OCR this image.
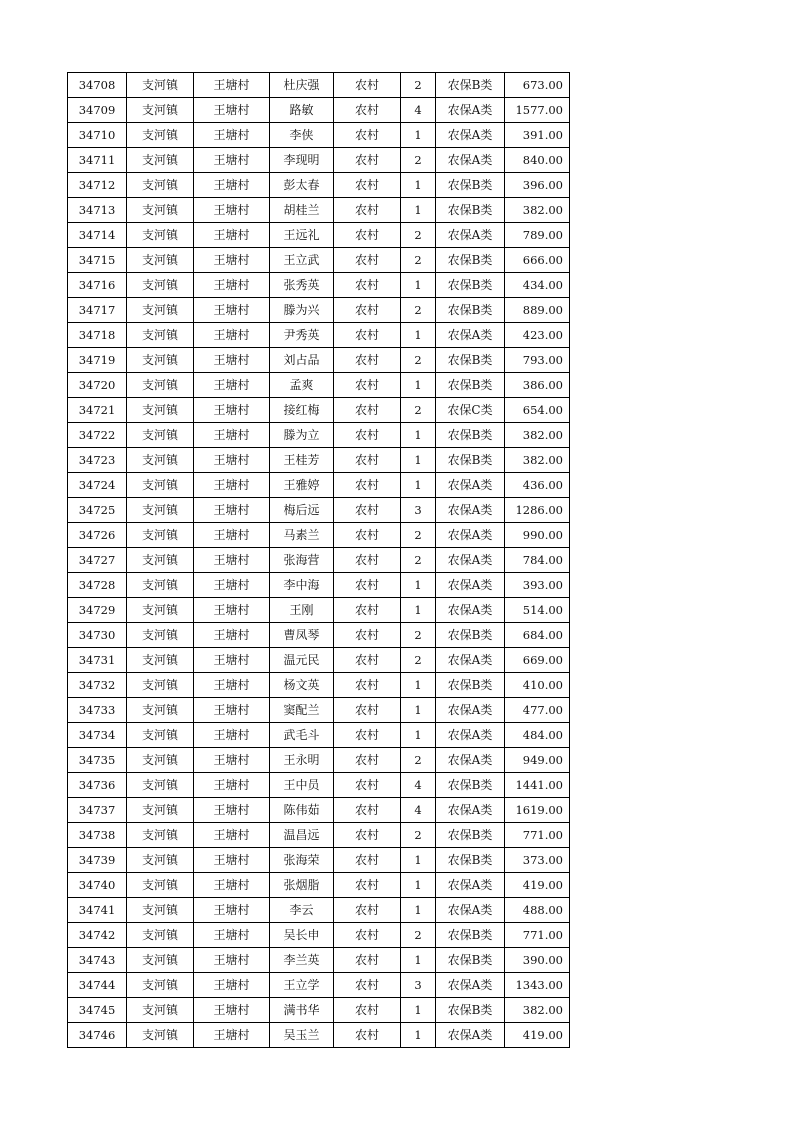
34708	支河镇	王塘村	杜庆强	农村	2	农保B类	673.00
34709	支河镇	王塘村	路敏	农村	4	农保A类	1577.00
34710	支河镇	王塘村	李侠	农村	1	农保A类	391.00
34711	支河镇	王塘村	李现明	农村	2	农保A类	840.00
34712	支河镇	王塘村	彭太春	农村	1	农保B类	396.00
34713	支河镇	王塘村	胡桂兰	农村	1	农保B类	382.00
34714	支河镇	王塘村	王远礼	农村	2	农保A类	789.00
34715	支河镇	王塘村	王立武	农村	2	农保B类	666.00
34716	支河镇	王塘村	张秀英	农村	1	农保B类	434.00
34717	支河镇	王塘村	滕为兴	农村	2	农保B类	889.00
34718	支河镇	王塘村	尹秀英	农村	1	农保A类	423.00
34719	支河镇	王塘村	刘占品	农村	2	农保B类	793.00
34720	支河镇	王塘村	孟爽	农村	1	农保B类	386.00
34721	支河镇	王塘村	接红梅	农村	2	农保C类	654.00
34722	支河镇	王塘村	滕为立	农村	1	农保B类	382.00
34723	支河镇	王塘村	王桂芳	农村	1	农保B类	382.00
34724	支河镇	王塘村	王雅婷	农村	1	农保A类	436.00
34725	支河镇	王塘村	梅后远	农村	3	农保A类	1286.00
34726	支河镇	王塘村	马素兰	农村	2	农保A类	990.00
34727	支河镇	王塘村	张海营	农村	2	农保A类	784.00
34728	支河镇	王塘村	李中海	农村	1	农保A类	393.00
34729	支河镇	王塘村	王刚	农村	1	农保A类	514.00
34730	支河镇	王塘村	曹凤琴	农村	2	农保B类	684.00
34731	支河镇	王塘村	温元民	农村	2	农保A类	669.00
34732	支河镇	王塘村	杨文英	农村	1	农保B类	410.00
34733	支河镇	王塘村	窦配兰	农村	1	农保A类	477.00
34734	支河镇	王塘村	武毛斗	农村	1	农保A类	484.00
34735	支河镇	王塘村	王永明	农村	2	农保A类	949.00
34736	支河镇	王塘村	王中员	农村	4	农保B类	1441.00
34737	支河镇	王塘村	陈伟茹	农村	4	农保A类	1619.00
34738	支河镇	王塘村	温昌远	农村	2	农保B类	771.00
34739	支河镇	王塘村	张海荣	农村	1	农保B类	373.00
34740	支河镇	王塘村	张烟脂	农村	1	农保A类	419.00
34741	支河镇	王塘村	李云	农村	1	农保A类	488.00
34742	支河镇	王塘村	吴长申	农村	2	农保B类	771.00
34743	支河镇	王塘村	李兰英	农村	1	农保B类	390.00
34744	支河镇	王塘村	王立学	农村	3	农保A类	1343.00
34745	支河镇	王塘村	满书华	农村	1	农保B类	382.00
34746	支河镇	王塘村	吴玉兰	农村	1	农保A类	419.00
